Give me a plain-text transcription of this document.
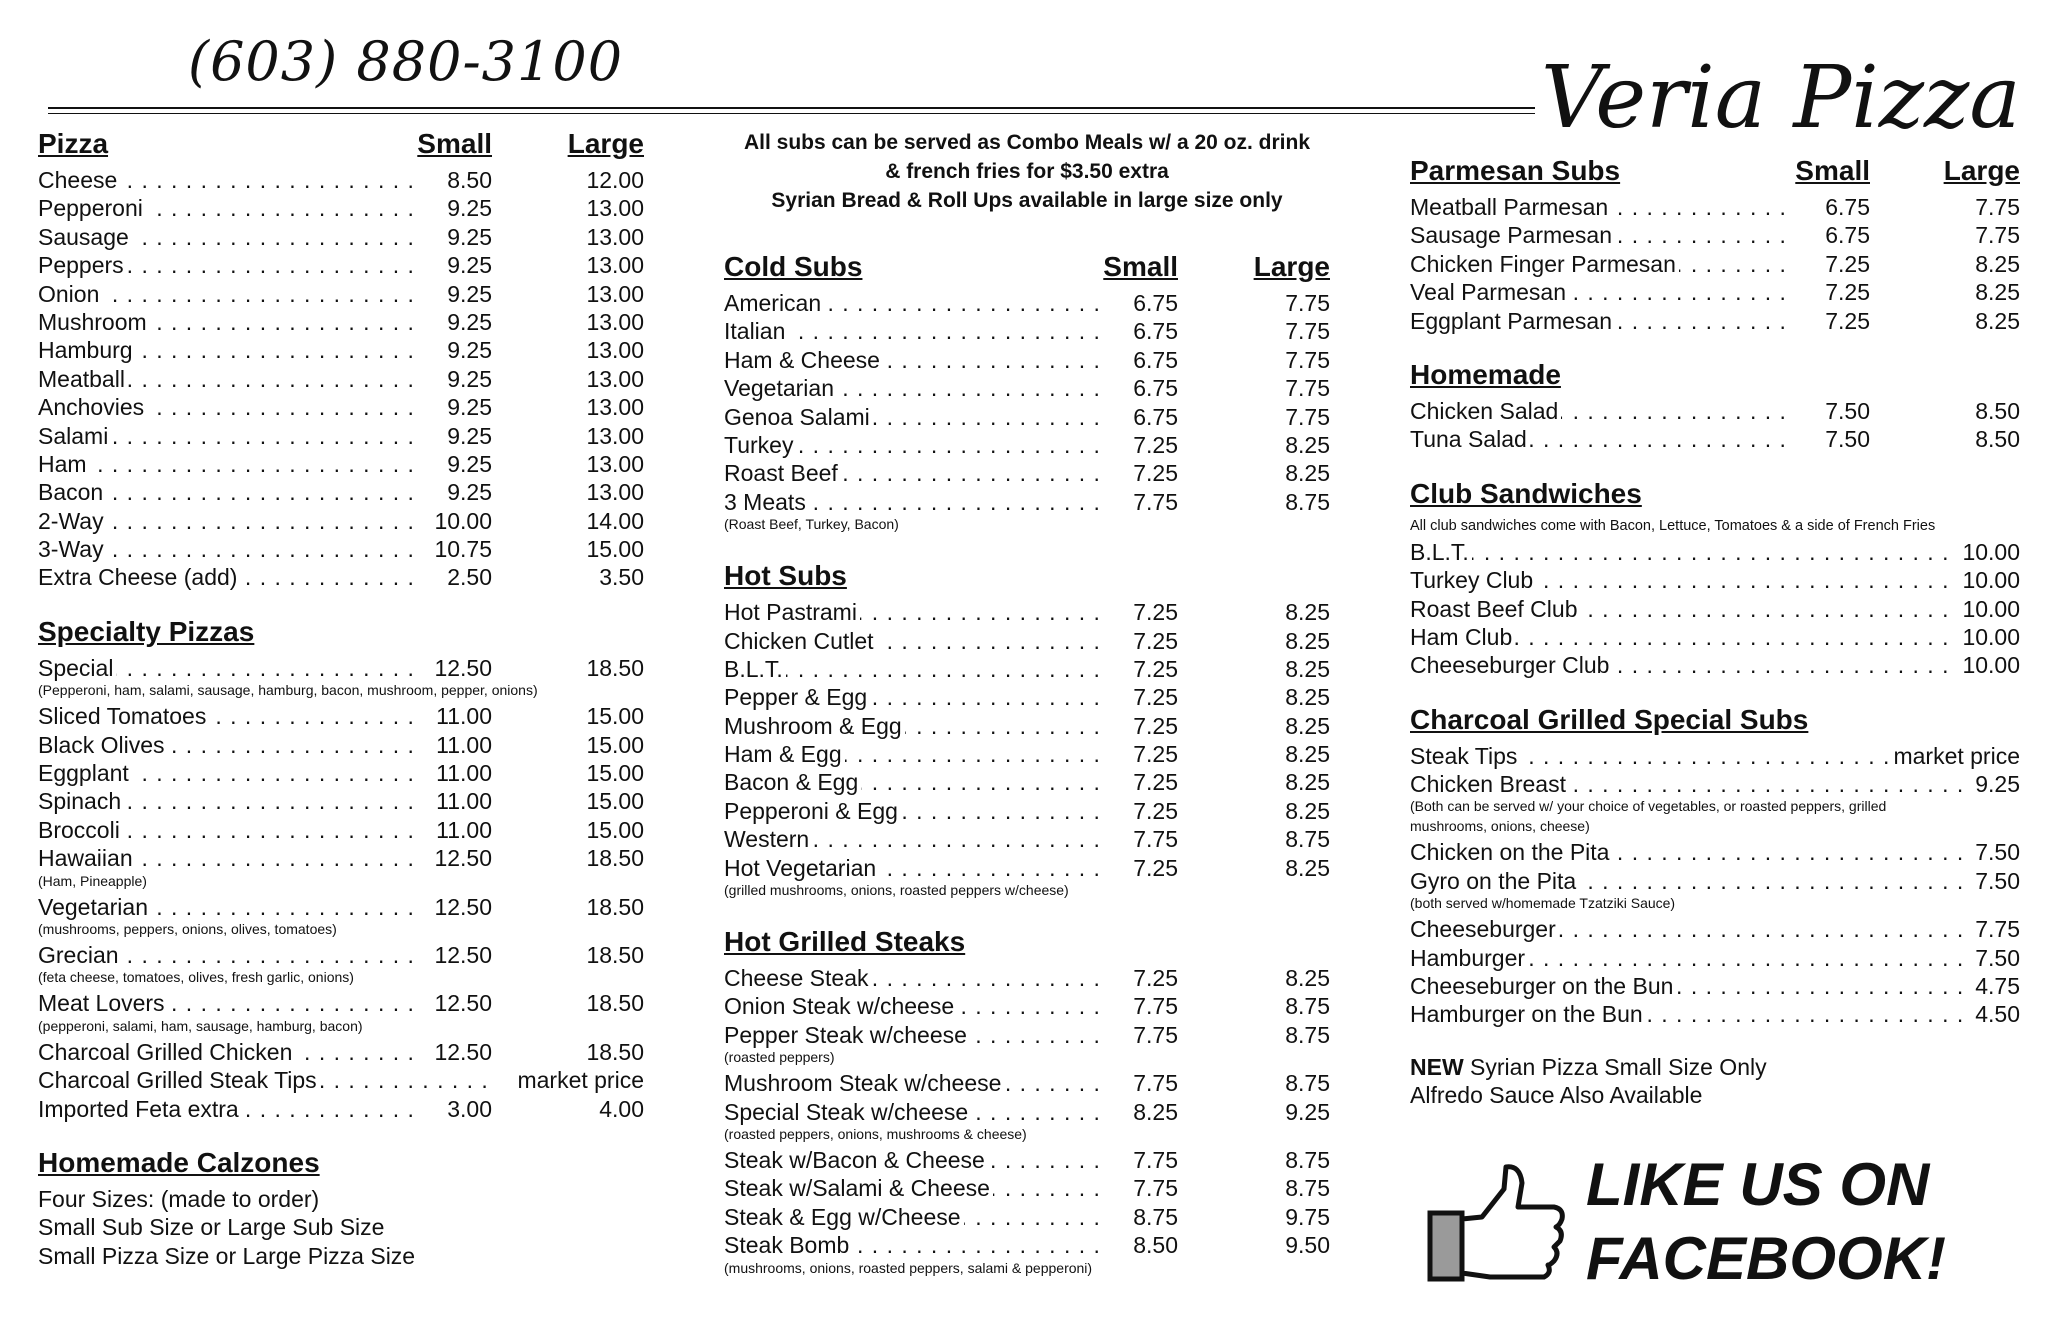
(603) 880-3100	Veria Pizza
Pizza	Small	Large
Cheese . . .	8.50	12.00
Pepperoni . . .	9.25	13.00
Sausage . . .	9.25	13.00
Peppers . . .	9.25	13.00
Onion . . .	9.25	13.00
Mushroom . . .	9.25	13.00
Hamburg . . .	9.25	13.00
Meatball . . .	9.25	13.00
Anchovies . . .	9.25	13.00
Salami . . .	9.25	13.00
Ham . . .	9.25	13.00
Bacon . . .	9.25	13.00
2-Way . . .	10.00	14.00
3-Way . . .	10.75	15.00
Extra Cheese (add) . . .	2.50	3.50
Specialty Pizzas
Special . . .	12.50	18.50
(Pepperoni, ham, salami, sausage, hamburg, bacon, mushroom, pepper, onions)
Sliced Tomatoes . . .	11.00	15.00
Black Olives . . .	11.00	15.00
Eggplant . . .	11.00	15.00
Spinach . . .	11.00	15.00
Broccoli . . .	11.00	15.00
Hawaiian . . .	12.50	18.50
(Ham, Pineapple)
Vegetarian . . .	12.50	18.50
(mushrooms, peppers, onions, olives, tomatoes)
Grecian . . .	12.50	18.50
(feta cheese, tomatoes, olives, fresh garlic, onions)
Meat Lovers . . .	12.50	18.50
(pepperoni, salami, ham, sausage, hamburg, bacon)
Charcoal Grilled Chicken . . .	12.50	18.50
Charcoal Grilled Steak Tips . . .	market price
Imported Feta extra . . .	3.00	4.00
Homemade Calzones
Four Sizes: (made to order)
Small Sub Size or Large Sub Size
Small Pizza Size or Large Pizza Size
All subs can be served as Combo Meals w/ a 20 oz. drink
& french fries for $3.50 extra
Syrian Bread & Roll Ups available in large size only
Cold Subs	Small	Large
American . . .	6.75	7.75
Italian . . .	6.75	7.75
Ham & Cheese . . .	6.75	7.75
Vegetarian . . .	6.75	7.75
Genoa Salami . . .	6.75	7.75
Turkey . . .	7.25	8.25
Roast Beef . . .	7.25	8.25
3 Meats . . .	7.75	8.75
(Roast Beef, Turkey, Bacon)
Hot Subs
Hot Pastrami . . .	7.25	8.25
Chicken Cutlet . . .	7.25	8.25
B.L.T. . . .	7.25	8.25
Pepper & Egg . . .	7.25	8.25
Mushroom & Egg . . .	7.25	8.25
Ham & Egg . . .	7.25	8.25
Bacon & Egg . . .	7.25	8.25
Pepperoni & Egg . . .	7.25	8.25
Western . . .	7.75	8.75
Hot Vegetarian . . .	7.25	8.25
(grilled mushrooms, onions, roasted peppers w/cheese)
Hot Grilled Steaks
Cheese Steak . . .	7.25	8.25
Onion Steak w/cheese . . .	7.75	8.75
Pepper Steak w/cheese . . .	7.75	8.75
(roasted peppers)
Mushroom Steak w/cheese . . .	7.75	8.75
Special Steak w/cheese . . .	8.25	9.25
(roasted peppers, onions, mushrooms & cheese)
Steak w/Bacon & Cheese . . .	7.75	8.75
Steak w/Salami & Cheese . . .	7.75	8.75
Steak & Egg w/Cheese . . .	8.75	9.75
Steak Bomb . . .	8.50	9.50
(mushrooms, onions, roasted peppers, salami & pepperoni)
Parmesan Subs	Small	Large
Meatball Parmesan . . .	6.75	7.75
Sausage Parmesan . . .	6.75	7.75
Chicken Finger Parmesan . . .	7.25	8.25
Veal Parmesan . . .	7.25	8.25
Eggplant Parmesan . . .	7.25	8.25
Homemade
Chicken Salad . . .	7.50	8.50
Tuna Salad . . .	7.50	8.50
Club Sandwiches
All club sandwiches come with Bacon, Lettuce, Tomatoes & a side of French Fries
B.L.T. . . .	10.00
Turkey Club . . .	10.00
Roast Beef Club . . .	10.00
Ham Club . . .	10.00
Cheeseburger Club . . .	10.00
Charcoal Grilled Special Subs
Steak Tips . . .	market price
Chicken Breast . . .	9.25
(Both can be served w/ your choice of vegetables, or roasted peppers, grilled
mushrooms, onions, cheese)
Chicken on the Pita . . .	7.50
Gyro on the Pita . . .	7.50
(both served w/homemade Tzatziki Sauce)
Cheeseburger . . .	7.75
Hamburger . . .	7.50
Cheeseburger on the Bun . . .	4.75
Hamburger on the Bun . . .	4.50
NEW Syrian Pizza Small Size Only
Alfredo Sauce Also Available
LIKE US ON
FACEBOOK!
